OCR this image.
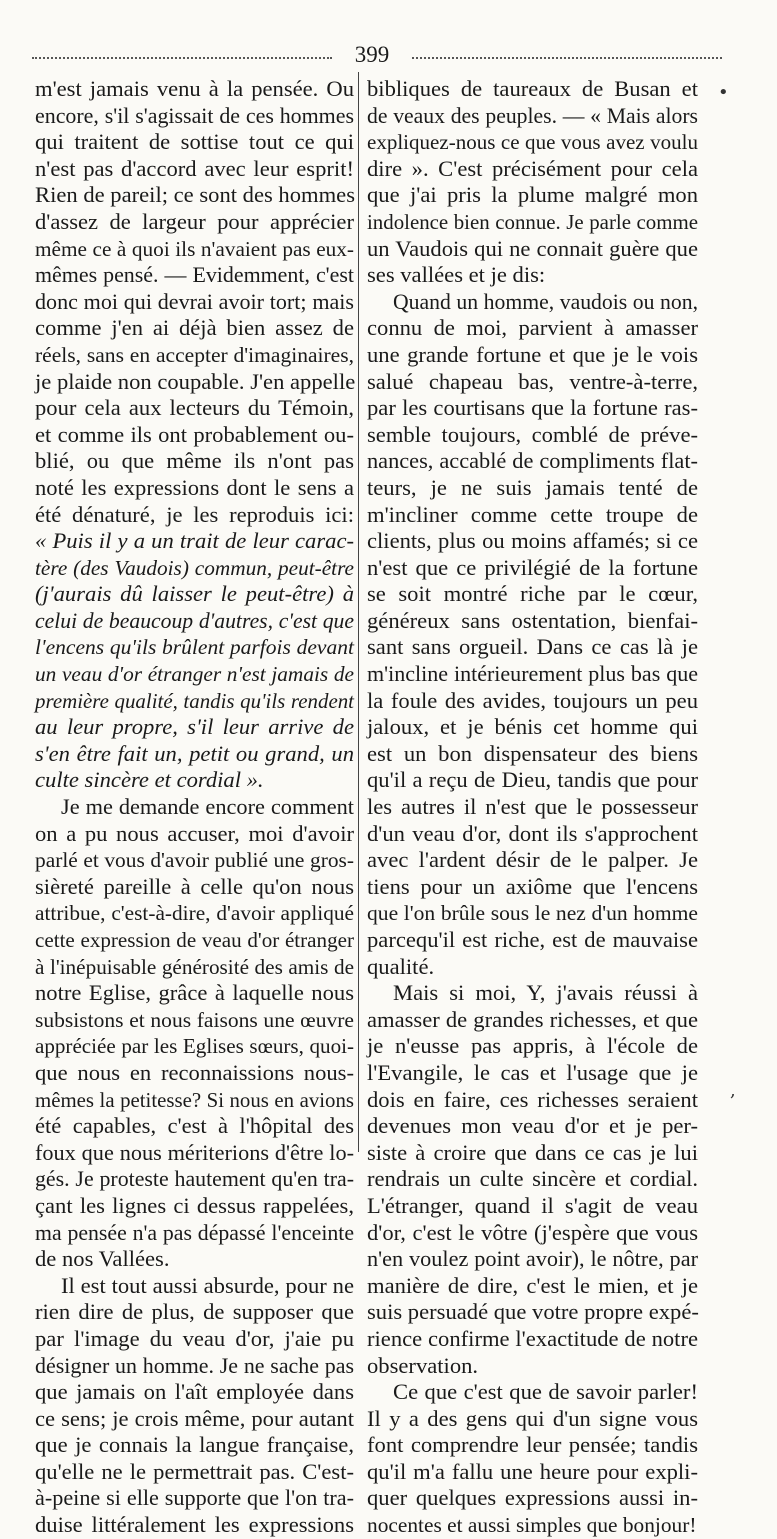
399
m'est jamais venu à la pensée. Ou
encore, s'il s'agissait de ces hommes
qui traitent de sottise tout ce qui
n'est pas d'accord avec leur esprit!
Rien de pareil; ce sont des hommes
d'assez de largeur pour apprécier
même ce à quoi ils n'avaient pas eux-
mêmes pensé. — Evidemment, c'est
donc moi qui devrai avoir tort; mais
comme j'en ai déjà bien assez de
réels, sans en accepter d'imaginaires,
je plaide non coupable. J'en appelle
pour cela aux lecteurs du Témoin,
et comme ils ont probablement ou-
blié, ou que même ils n'ont pas
noté les expressions dont le sens a
été dénaturé, je les reproduis ici:
« Puis il y a un trait de leur carac-
tère (des Vaudois) commun, peut-être
(j'aurais dû laisser le peut-être) à
celui de beaucoup d'autres, c'est que
l'encens qu'ils brûlent parfois devant
un veau d'or étranger n'est jamais de
première qualité, tandis qu'ils rendent
au leur propre, s'il leur arrive de
s'en être fait un, petit ou grand, un
culte sincère et cordial ».
Je me demande encore comment
on a pu nous accuser, moi d'avoir
parlé et vous d'avoir publié une gros-
sièreté pareille à celle qu'on nous
attribue, c'est-à-dire, d'avoir appliqué
cette expression de veau d'or étranger
à l'inépuisable générosité des amis de
notre Eglise, grâce à laquelle nous
subsistons et nous faisons une œuvre
appréciée par les Eglises sœurs, quoi-
que nous en reconnaissions nous-
mêmes la petitesse? Si nous en avions
été capables, c'est à l'hôpital des
foux que nous mériterions d'être lo-
gés. Je proteste hautement qu'en tra-
çant les lignes ci dessus rappelées,
ma pensée n'a pas dépassé l'enceinte
de nos Vallées.
Il est tout aussi absurde, pour ne
rien dire de plus, de supposer que
par l'image du veau d'or, j'aie pu
désigner un homme. Je ne sache pas
que jamais on l'aît employée dans
ce sens; je crois même, pour autant
que je connais la langue française,
qu'elle ne le permettrait pas. C'est-
à-peine si elle supporte que l'on tra-
duise littéralement les expressions
bibliques de taureaux de Busan et
de veaux des peuples. — « Mais alors
expliquez-nous ce que vous avez voulu
dire ». C'est précisément pour cela
que j'ai pris la plume malgré mon
indolence bien connue. Je parle comme
un Vaudois qui ne connait guère que
ses vallées et je dis:
Quand un homme, vaudois ou non,
connu de moi, parvient à amasser
une grande fortune et que je le vois
salué chapeau bas, ventre-à-terre,
par les courtisans que la fortune ras-
semble toujours, comblé de préve-
nances, accablé de compliments flat-
teurs, je ne suis jamais tenté de
m'incliner comme cette troupe de
clients, plus ou moins affamés; si ce
n'est que ce privilégié de la fortune
se soit montré riche par le cœur,
généreux sans ostentation, bienfai-
sant sans orgueil. Dans ce cas là je
m'incline intérieurement plus bas que
la foule des avides, toujours un peu
jaloux, et je bénis cet homme qui
est un bon dispensateur des biens
qu'il a reçu de Dieu, tandis que pour
les autres il n'est que le possesseur
d'un veau d'or, dont ils s'approchent
avec l'ardent désir de le palper. Je
tiens pour un axiôme que l'encens
que l'on brûle sous le nez d'un homme
parcequ'il est riche, est de mauvaise
qualité.
Mais si moi, Y, j'avais réussi à
amasser de grandes richesses, et que
je n'eusse pas appris, à l'école de
l'Evangile, le cas et l'usage que je
dois en faire, ces richesses seraient
devenues mon veau d'or et je per-
siste à croire que dans ce cas je lui
rendrais un culte sincère et cordial.
L'étranger, quand il s'agit de veau
d'or, c'est le vôtre (j'espère que vous
n'en voulez point avoir), le nôtre, par
manière de dire, c'est le mien, et je
suis persuadé que votre propre expé-
rience confirme l'exactitude de notre
observation.
Ce que c'est que de savoir parler!
Il y a des gens qui d'un signe vous
font comprendre leur pensée; tandis
qu'il m'a fallu une heure pour expli-
quer quelques expressions aussi in-
nocentes et aussi simples que bonjour!
•
,
